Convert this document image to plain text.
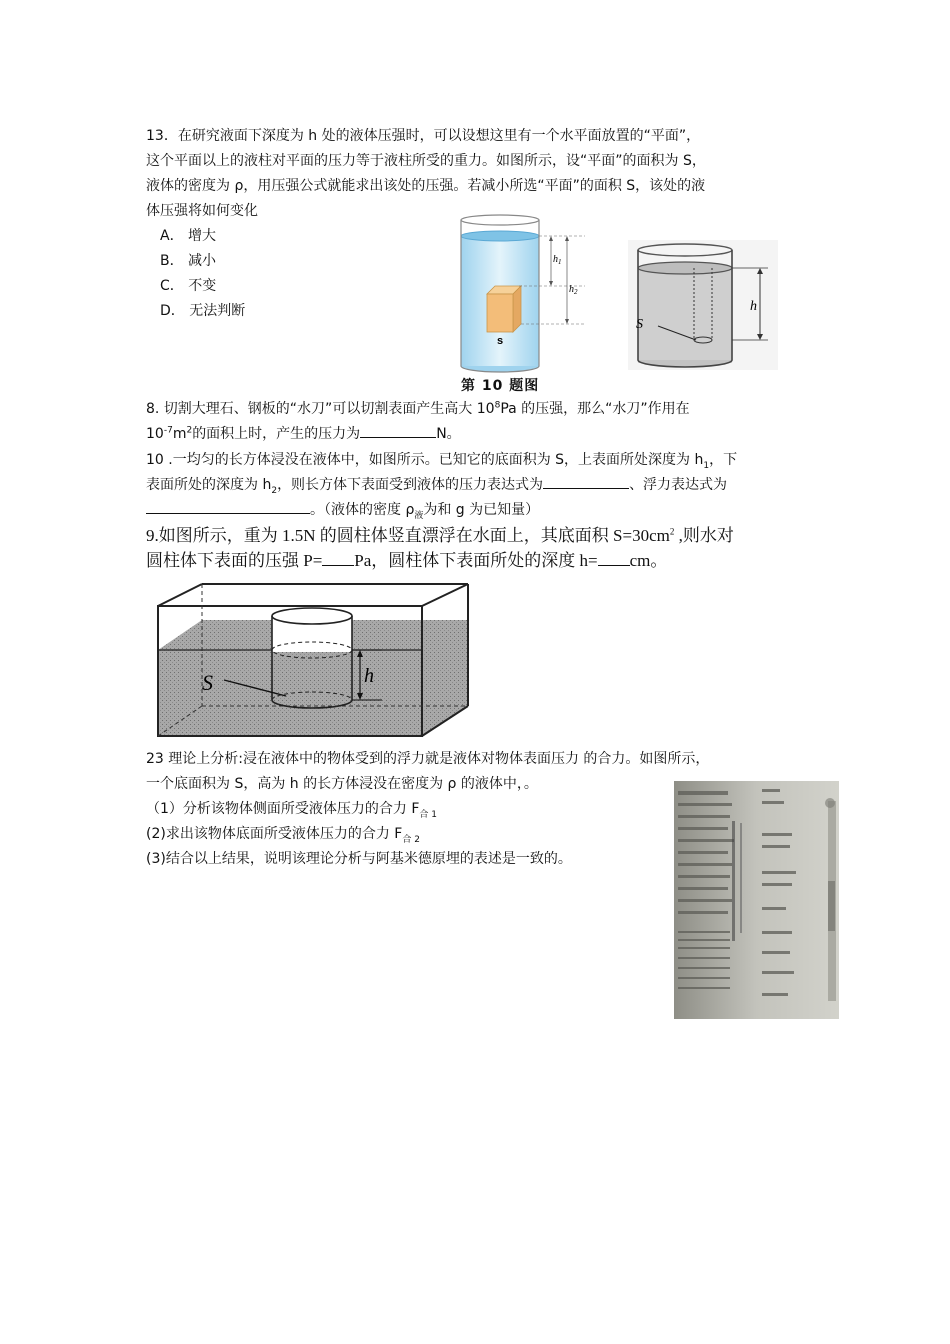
13．在研究液面下深度为 h 处的液体压强时，可以设想这里有一个水平面放置的“平面”，

这个平面以上的液柱对平面的压力等于液柱所受的重力。如图所示，设“平面”的面积为 S，

液体的密度为 ρ，用压强公式就能求出该处的压强。若减小所选“平面”的面积 S，该处的液

体压强将如何变化

A． 增大

B． 减小

C． 不变

D． 无法判断

s
$h_1$
$h_2$
第 10 题图
S
h

8. 切割大理石、钢板的“水刀”可以切割表面产生高大 $10^8Pa$ 的压强，那么“水刀”作用在

$10^{-7}m^2$的面积上时，产生的压力为	N。

10 .一均匀的长方体浸没在液体中，如图所示。已知它的底面积为 S，上表面所处深度为 $h_1$，下

表面所处的深度为 $h_2$，则长方体下表面受到液体的压力表达式为	、浮力表达式为

。（液体的密度 $\rho_液$为和 g 为已知量）

9.如图所示，重为 1.5N 的圆柱体竖直漂浮在水面上，其底面积 $S=30cm^2$ ,则水对

圆柱体下表面的压强 P= Pa，圆柱体下表面所处的深度 h= cm。

S	h

23 理论上分析:浸在液体中的物体受到的浮力就是液体对物体表面压力 的合力。如图所示，

一个底面积为 S，高为 h 的长方体浸没在密度为 ρ 的液体中，。

（1）分析该物体侧面所受液体压力的合力 $F_{合 1}$

(2)求出该物体底面所受液体压力的合力 $F_{合 2}$

(3)结合以上结果，说明该理论分析与阿基米德原埋的表述是一致的。
